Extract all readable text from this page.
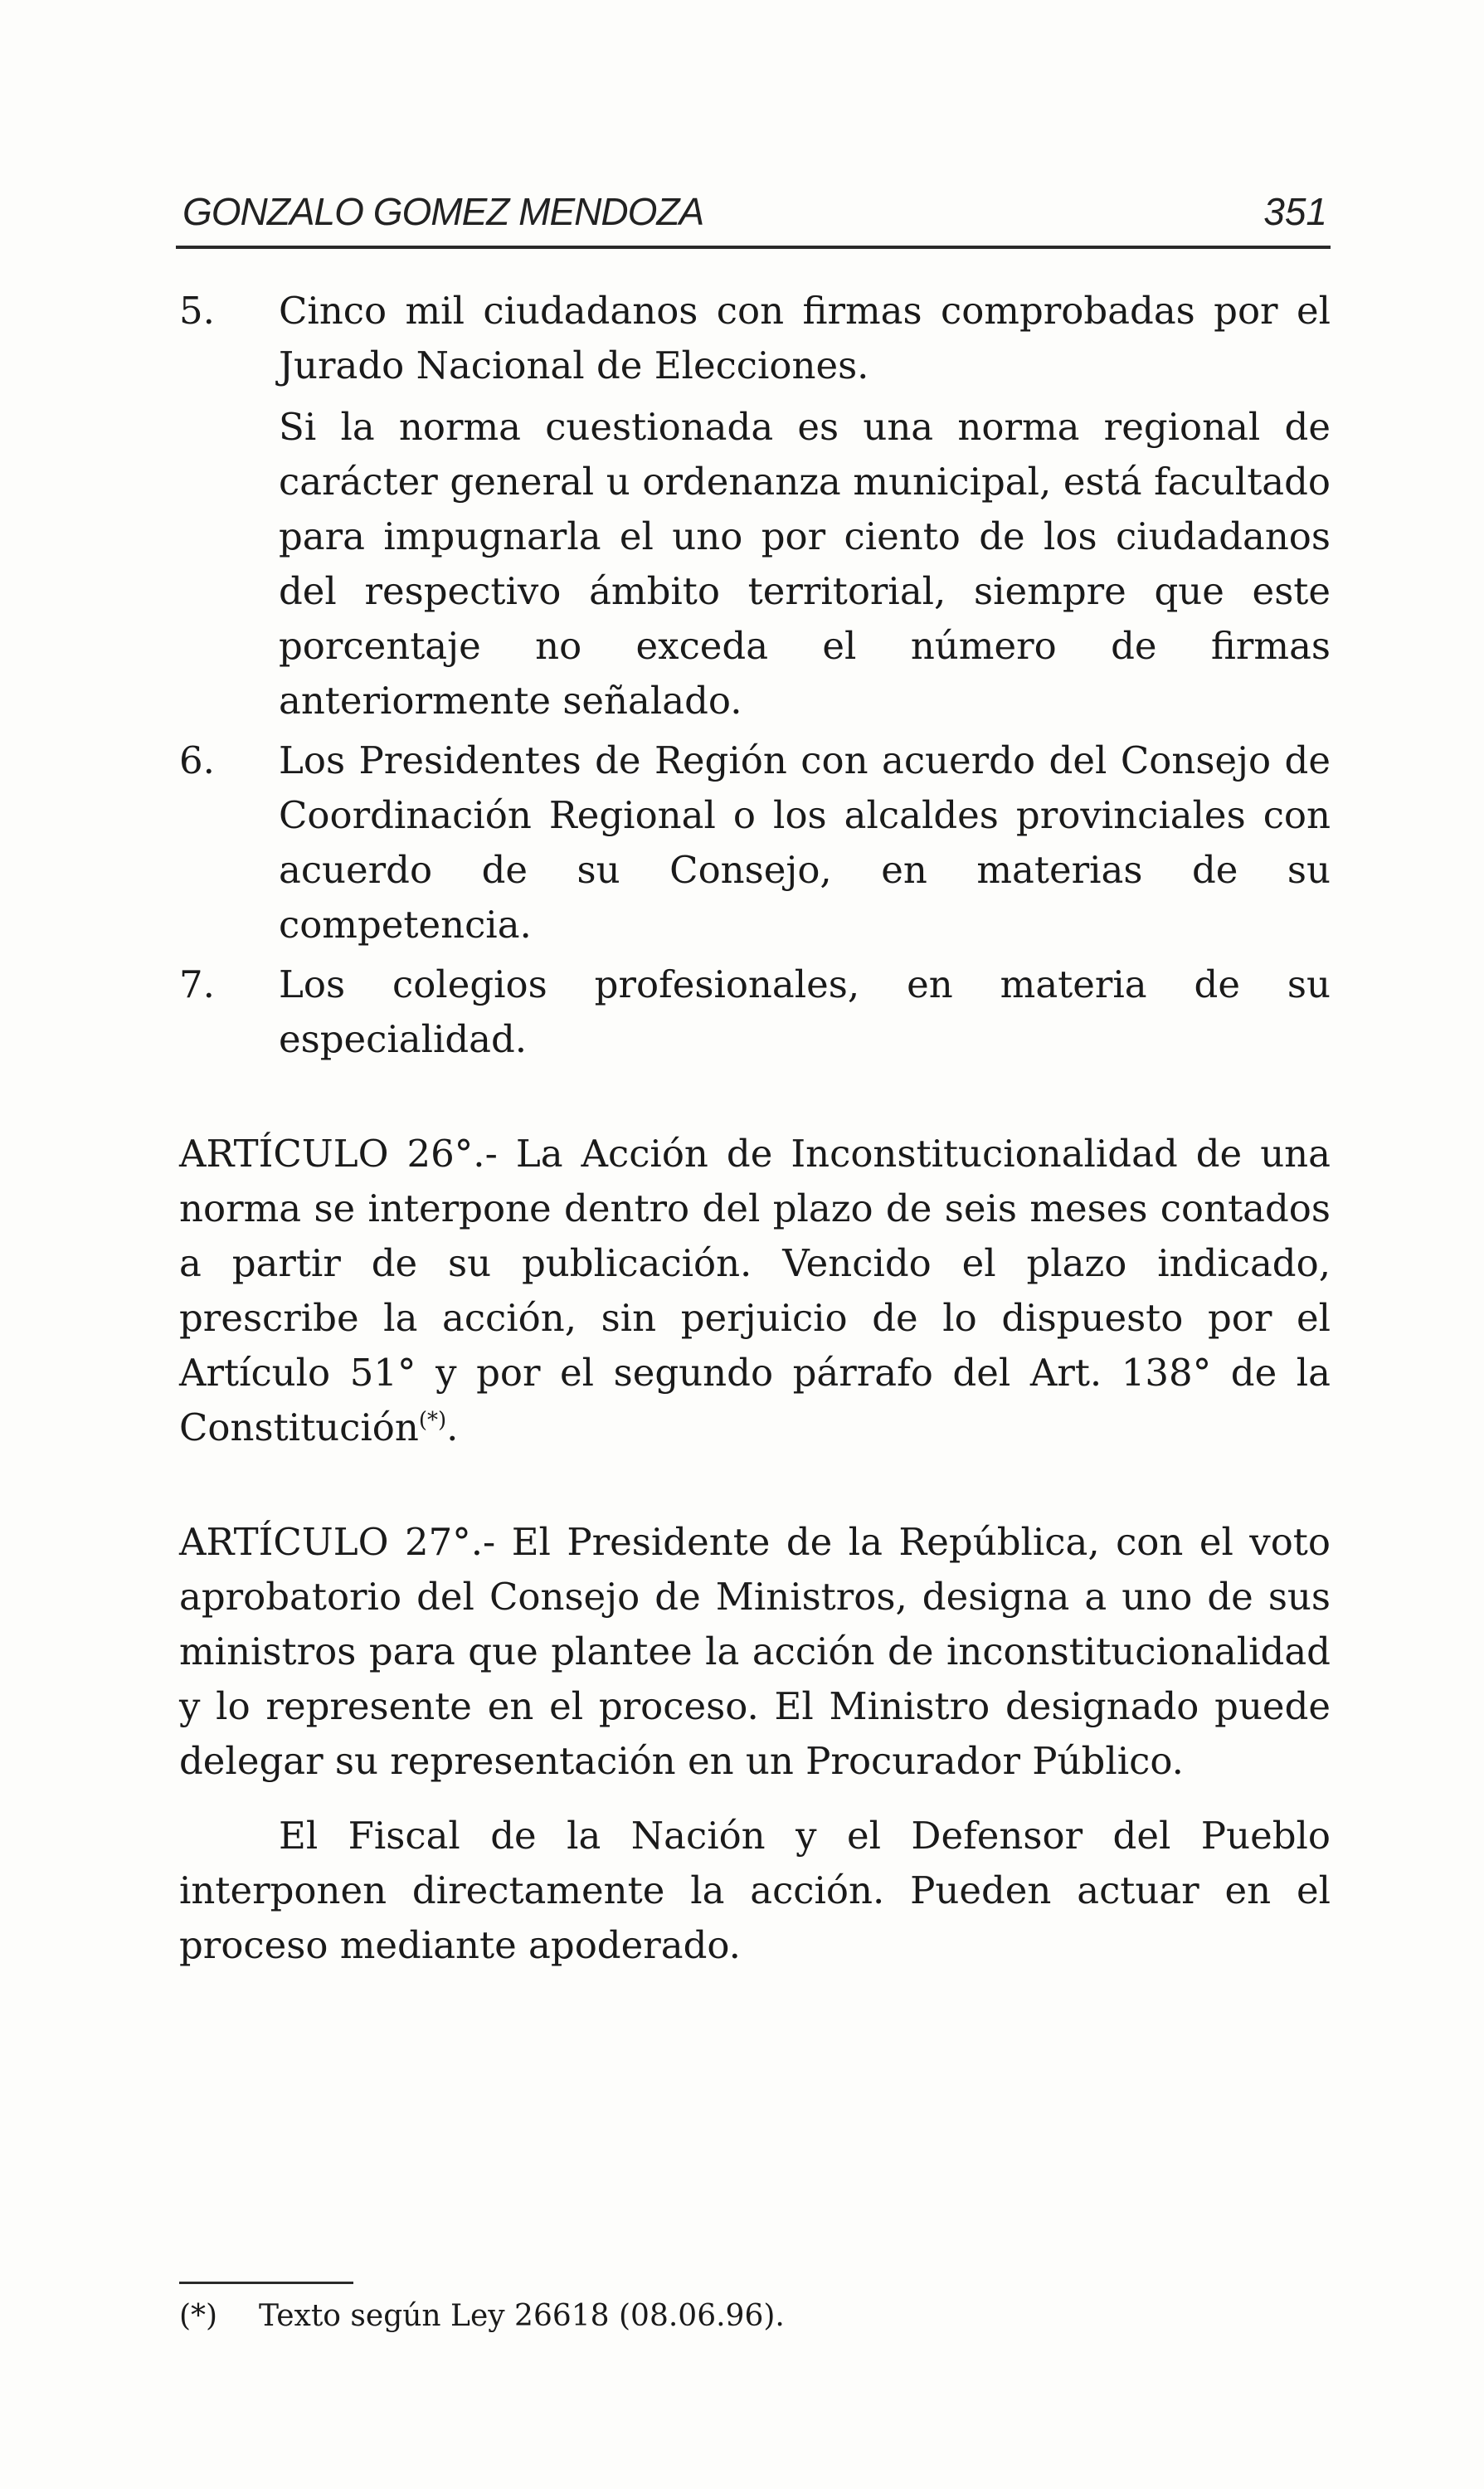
GONZALO GOMEZ MENDOZA	351
5. Cinco mil ciudadanos con firmas comprobadas por el Jurado Nacional de Elecciones.

Si la norma cuestionada es una norma regional de carácter general u ordenanza municipal, está facultado para impugnarla el uno por ciento de los ciudadanos del respectivo ámbito territorial, siempre que este porcentaje no exceda el número de firmas anteriormente señalado.

6. Los Presidentes de Región con acuerdo del Consejo de Coordinación Regional o los alcaldes provinciales con acuerdo de su Consejo, en materias de su competencia.

7. Los colegios profesionales, en materia de su especialidad.

ARTÍCULO 26°.- La Acción de Inconstitucionalidad de una norma se interpone dentro del plazo de seis meses contados a partir de su publicación. Vencido el plazo indicado, prescribe la acción, sin perjuicio de lo dispuesto por el Artículo 51° y por el segundo párrafo del Art. 138° de la Constitución(*).

ARTÍCULO 27°.- El Presidente de la República, con el voto aprobatorio del Consejo de Ministros, designa a uno de sus ministros para que plantee la acción de inconstitucionalidad y lo represente en el proceso. El Ministro designado puede delegar su representación en un Procurador Público.

El Fiscal de la Nación y el Defensor del Pueblo interponen directamente la acción. Pueden actuar en el proceso mediante apoderado.

(*) Texto según Ley 26618 (08.06.96).
